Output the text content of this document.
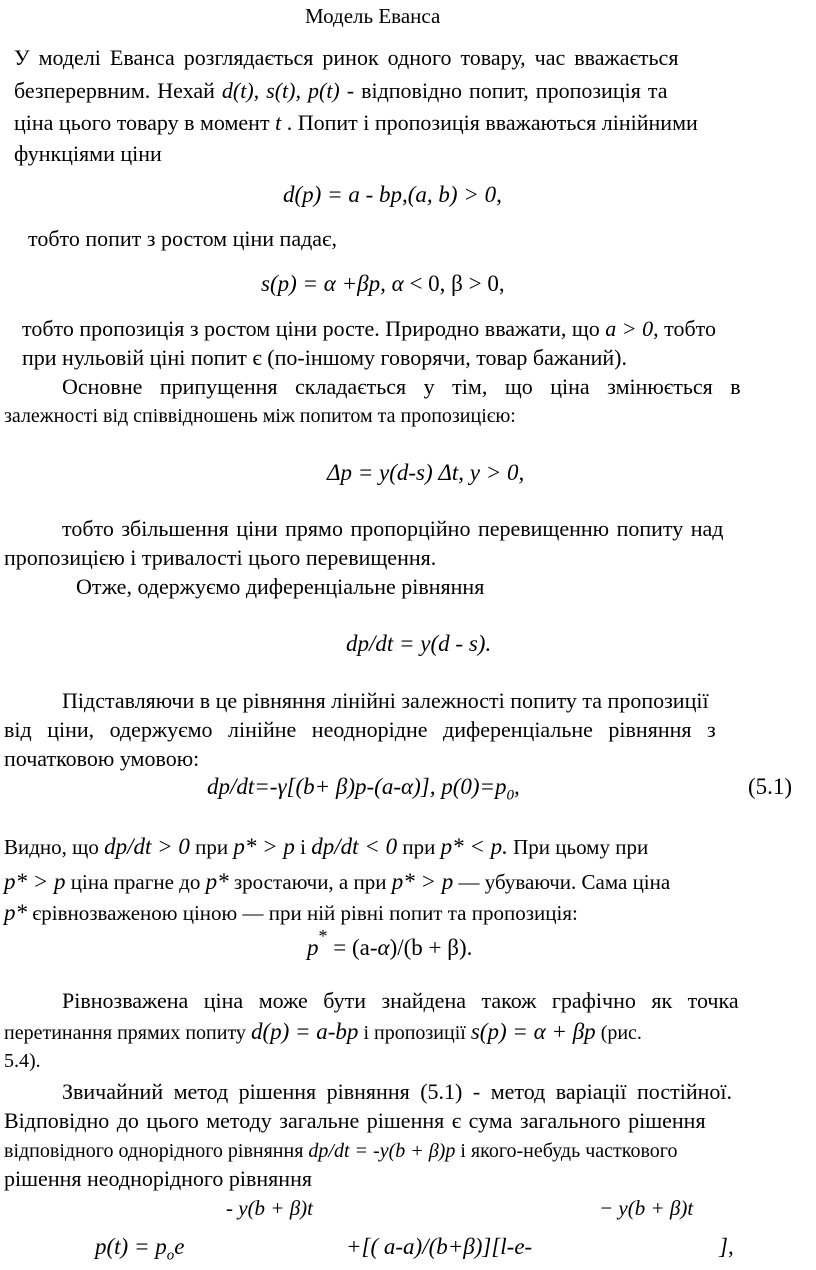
Модель Еванса
У моделі Еванса розглядається ринок одного товару, час вважається
безперервним. Нехай d(t), s(t), p(t) - відповідно попит, пропозиція та
ціна цього товару в момент t . Попит і пропозиція вважаються лінійними
функціями ціни
d(p) = a - bp,(a, b) > 0,
тобто попит з ростом ціни падає,
s(p) = α +βp, α < 0, β > 0,
тобто пропозиція з ростом ціни росте. Природно вважати, що a > 0, тобто
при нульовій ціні попит є (по-іншому говорячи, товар бажаний).
Основне припущення складається у тім, що ціна змінюється в
залежності від співвідношень між попитом та пропозицією:
Δp = y(d-s) Δt, y > 0,
тобто збільшення ціни прямо пропорційно перевищенню попиту над
пропозицією і тривалості цього перевищення.
Отже, одержуємо диференціальне рівняння
dp/dt = y(d - s).
Підставляючи в це рівняння лінійні залежності попиту та пропозиції
від ціни, одержуємо лінійне неоднорідне диференціальне рівняння з
початковою умовою:
dp/dt=-γ[(b+ β)p-(a-α)], $p(0)=p_0$,	(5.1)
Видно, що dp/dt > 0 при p* > p і dp/dt < 0 при p* < p. При цьому при
p* > p ціна прагне до p* зростаючи, а при p* > p — убуваючи. Сама ціна
p* єрівнозваженою ціною — при ній рівні попит та пропозиція:
p* = (a-α)/(b + β).
Рівнозважена ціна може бути знайдена також графічно як точка
перетинання прямих попиту d(p) = a-bp і пропозиції s(p) = α + βp (рис.
5.4).
Звичайний метод рішення рівняння (5.1) - метод варіації постійної.
Відповідно до цього методу загальне рішення є сума загального рішення
відповідного однорідного рівняння dp/dt = -y(b + β)p і якого-небудь часткового
рішення неоднорідного рівняння
- y(b + β)t	− y(b + β)t
$p(t) = p_oe$	+[( a-a)/(b+β)][l-e-	],
